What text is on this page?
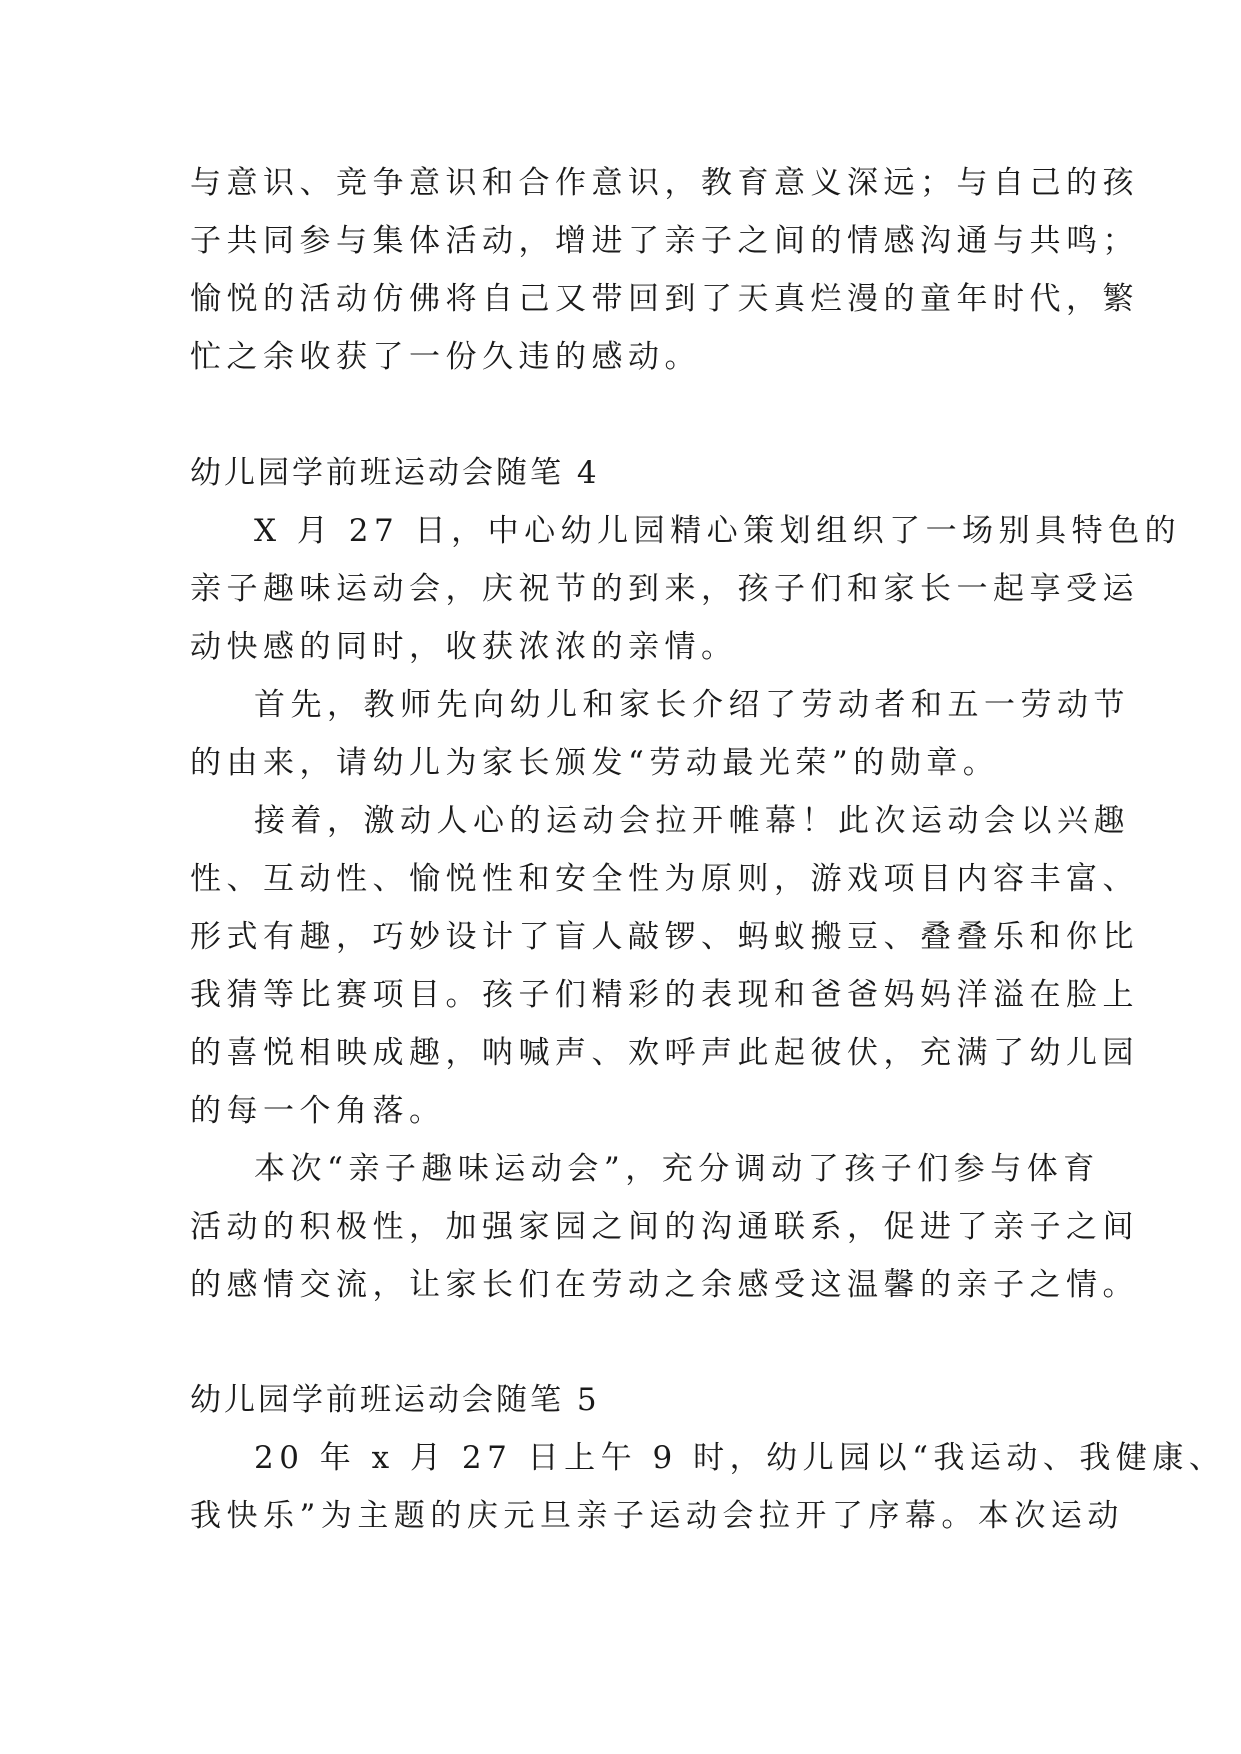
与意识、竞争意识和合作意识，教育意义深远；与自己的孩
子共同参与集体活动，增进了亲子之间的情感沟通与共鸣；
愉悦的活动仿佛将自己又带回到了天真烂漫的童年时代，繁
忙之余收获了一份久违的感动。
幼儿园学前班运动会随笔 4
X 月 27 日，中心幼儿园精心策划组织了一场别具特色的
亲子趣味运动会，庆祝节的到来，孩子们和家长一起享受运
动快感的同时，收获浓浓的亲情。
首先，教师先向幼儿和家长介绍了劳动者和五一劳动节
的由来，请幼儿为家长颁发“劳动最光荣”的勋章。
接着，激动人心的运动会拉开帷幕！此次运动会以兴趣
性、互动性、愉悦性和安全性为原则，游戏项目内容丰富、
形式有趣，巧妙设计了盲人敲锣、蚂蚁搬豆、叠叠乐和你比
我猜等比赛项目。孩子们精彩的表现和爸爸妈妈洋溢在脸上
的喜悦相映成趣，呐喊声、欢呼声此起彼伏，充满了幼儿园
的每一个角落。
本次“亲子趣味运动会”，充分调动了孩子们参与体育
活动的积极性，加强家园之间的沟通联系，促进了亲子之间
的感情交流，让家长们在劳动之余感受这温馨的亲子之情。
幼儿园学前班运动会随笔 5
20 年 x 月 27 日上午 9 时，幼儿园以“我运动、我健康、
我快乐”为主题的庆元旦亲子运动会拉开了序幕。本次运动
